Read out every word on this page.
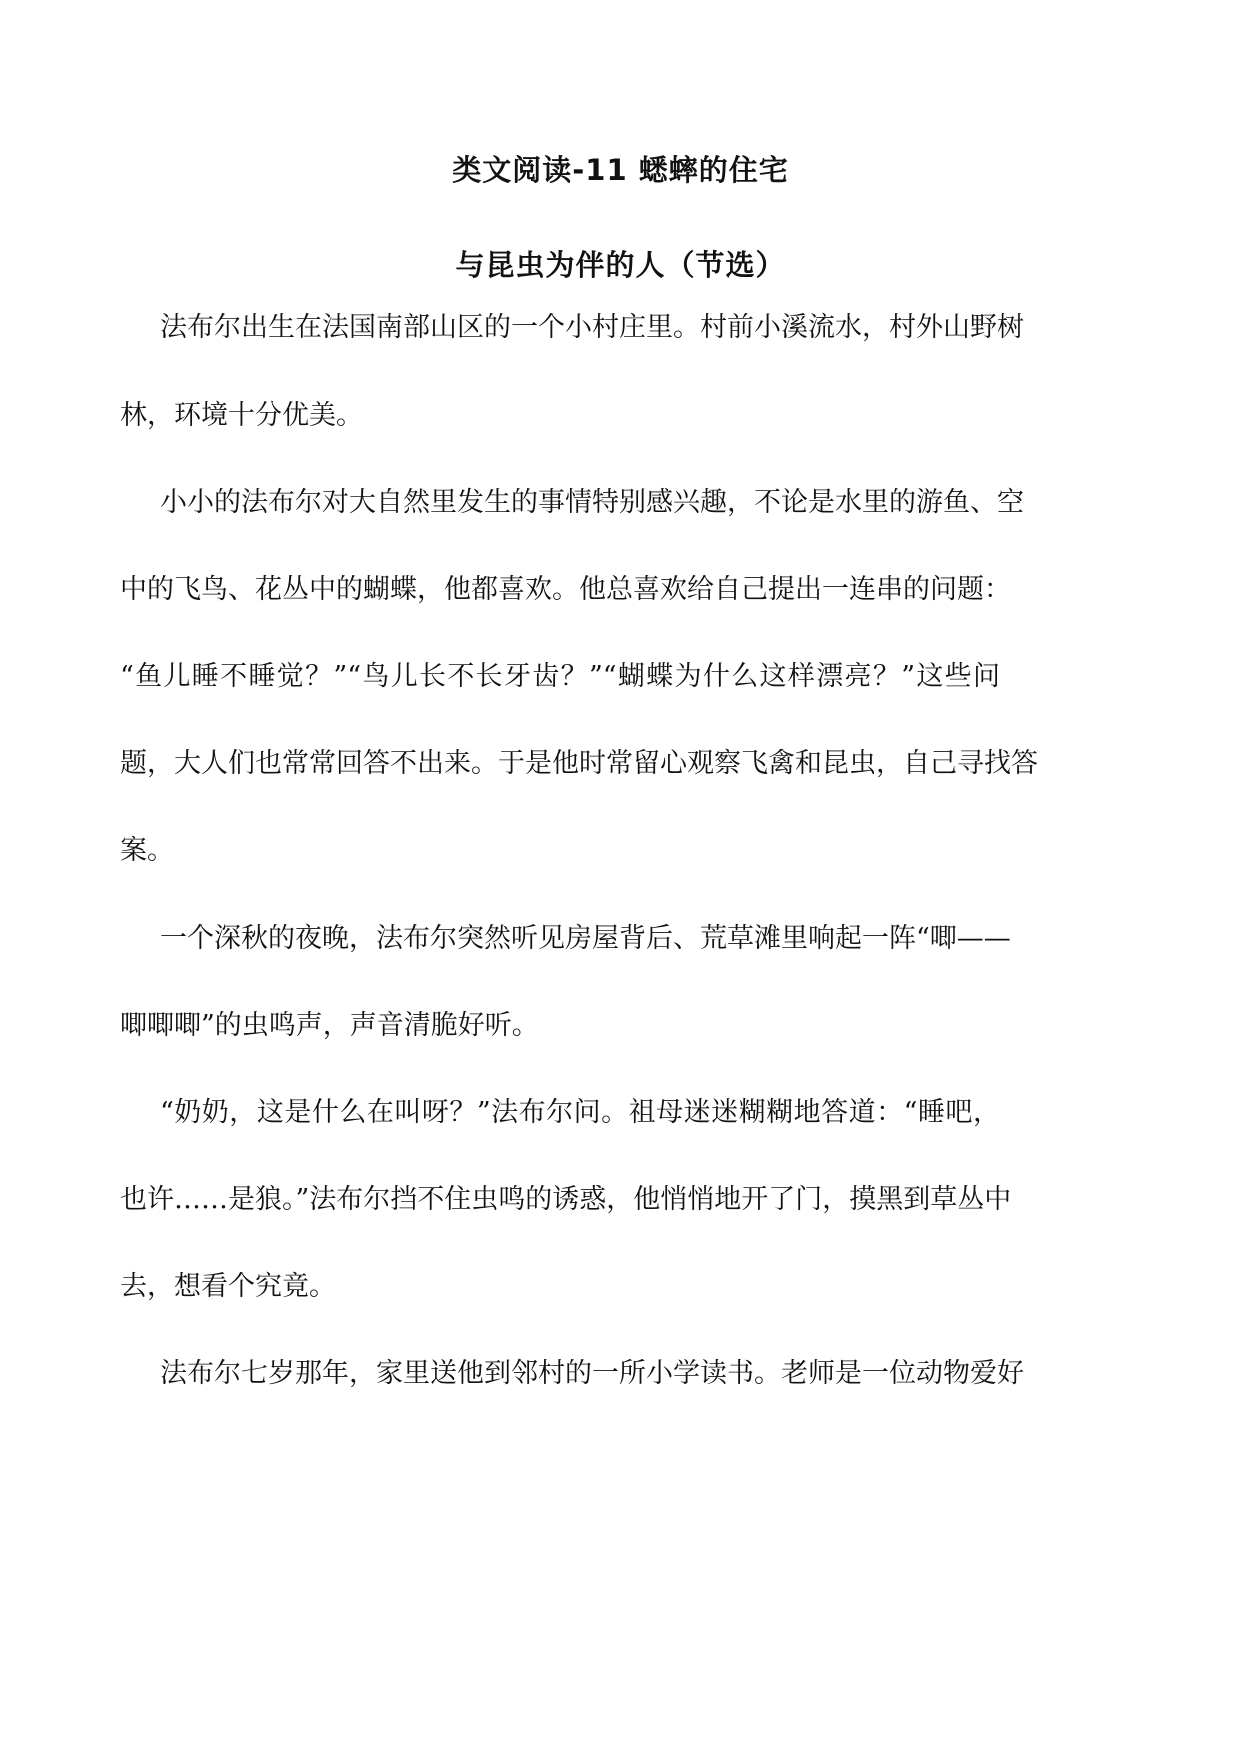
类文阅读-11 蟋蟀的住宅
与昆虫为伴的人（节选）

法布尔出生在法国南部山区的一个小村庄里。村前小溪流水，村外山野树

林，环境十分优美。

小小的法布尔对大自然里发生的事情特别感兴趣，不论是水里的游鱼、空

中的飞鸟、花丛中的蝴蝶，他都喜欢。他总喜欢给自己提出一连串的问题：

“鱼儿睡不睡觉？”“鸟儿长不长牙齿？”“蝴蝶为什么这样漂亮？”这些问

题，大人们也常常回答不出来。于是他时常留心观察飞禽和昆虫，自己寻找答

案。

一个深秋的夜晚，法布尔突然听见房屋背后、荒草滩里响起一阵“唧——

唧唧唧”的虫鸣声，声音清脆好听。

“奶奶，这是什么在叫呀？”法布尔问。祖母迷迷糊糊地答道：“睡吧，

也许……是狼。”法布尔挡不住虫鸣的诱惑，他悄悄地开了门，摸黑到草丛中

去，想看个究竟。

法布尔七岁那年，家里送他到邻村的一所小学读书。老师是一位动物爱好
